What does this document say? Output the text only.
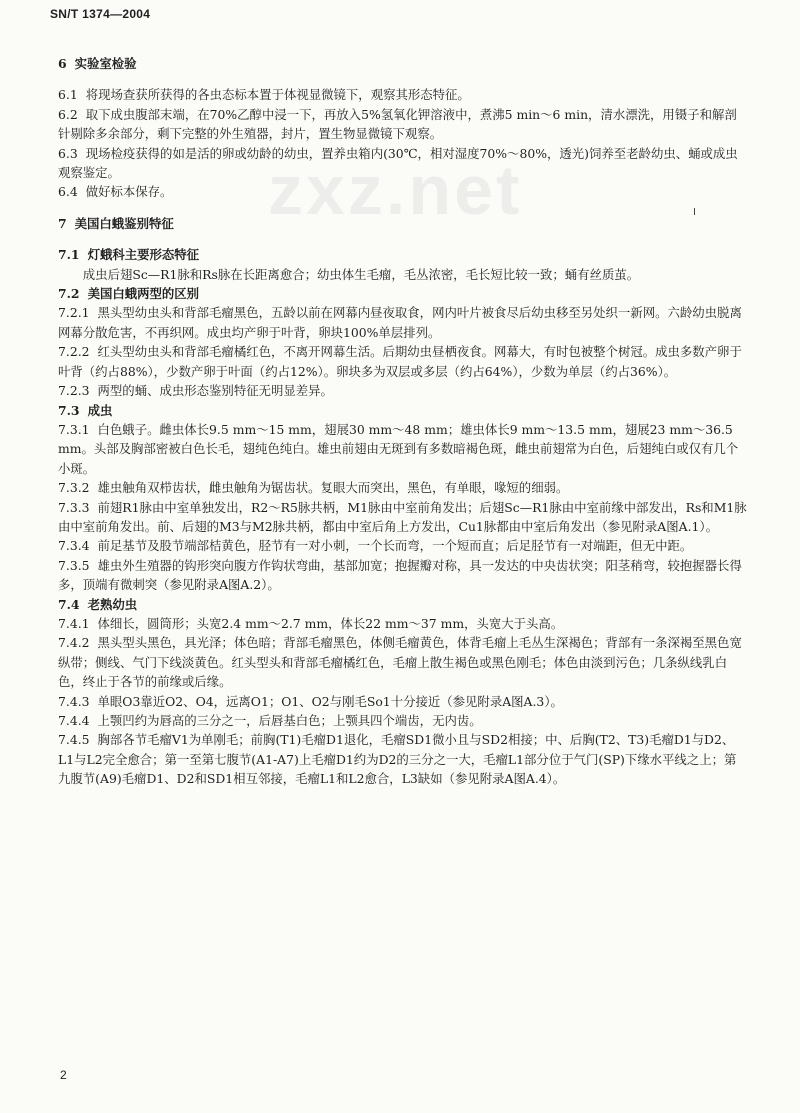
SN/T 1374—2004
zxz.net
6 实验室检验
6.1 将现场查获所获得的各虫态标本置于体视显微镜下，观察其形态特征。
6.2 取下成虫腹部末端，在70%乙醇中浸一下，再放入5%氢氧化钾溶液中，煮沸5 min～6 min，清水漂洗，用镊子和解剖针剔除多余部分，剩下完整的外生殖器，封片，置生物显微镜下观察。
6.3 现场检疫获得的如是活的卵或幼龄的幼虫，置养虫箱内(30℃，相对湿度70%～80%，透光)饲养至老龄幼虫、蛹或成虫观察鉴定。
6.4 做好标本保存。
7 美国白蛾鉴别特征
7.1 灯蛾科主要形态特征
成虫后翅Sc—R1脉和Rs脉在长距离愈合；幼虫体生毛瘤，毛丛浓密，毛长短比较一致；蛹有丝质茧。
7.2 美国白蛾两型的区别
7.2.1 黑头型幼虫头和背部毛瘤黑色，五龄以前在网幕内昼夜取食，网内叶片被食尽后幼虫移至另处织一新网。六龄幼虫脱离网幕分散危害，不再织网。成虫均产卵于叶背，卵块100%单层排列。
7.2.2 红头型幼虫头和背部毛瘤橘红色，不离开网幕生活。后期幼虫昼栖夜食。网幕大，有时包被整个树冠。成虫多数产卵于叶背（约占88%），少数产卵于叶面（约占12%）。卵块多为双层或多层（约占64%），少数为单层（约占36%）。
7.2.3 两型的蛹、成虫形态鉴别特征无明显差异。
7.3 成虫
7.3.1 白色蛾子。雌虫体长9.5 mm～15 mm，翅展30 mm～48 mm；雄虫体长9 mm～13.5 mm，翅展23 mm～36.5 mm。头部及胸部密被白色长毛，翅纯色纯白。雄虫前翅由无斑到有多数暗褐色斑，雌虫前翅常为白色，后翅纯白或仅有几个小斑。
7.3.2 雄虫触角双栉齿状，雌虫触角为锯齿状。复眼大而突出，黑色，有单眼，喙短的细弱。
7.3.3 前翅R1脉由中室单独发出，R2～R5脉共柄，M1脉由中室前角发出；后翅Sc—R1脉由中室前缘中部发出，Rs和M1脉由中室前角发出。前、后翅的M3与M2脉共柄，都由中室后角上方发出，Cu1脉都由中室后角发出（参见附录A图A.1）。
7.3.4 前足基节及股节端部桔黄色，胫节有一对小刺，一个长而弯，一个短而直；后足胫节有一对端距，但无中距。
7.3.5 雄虫外生殖器的钩形突向腹方作钩状弯曲，基部加宽；抱握瓣对称，具一发达的中央齿状突；阳茎稍弯，较抱握器长得多，顶端有微刺突（参见附录A图A.2）。
7.4 老熟幼虫
7.4.1 体细长，圆筒形；头宽2.4 mm～2.7 mm，体长22 mm～37 mm，头宽大于头高。
7.4.2 黑头型头黑色，具光泽；体色暗；背部毛瘤黑色，体侧毛瘤黄色，体背毛瘤上毛丛生深褐色；背部有一条深褐至黑色宽纵带；侧线、气门下线淡黄色。红头型头和背部毛瘤橘红色，毛瘤上散生褐色或黑色刚毛；体色由淡到污色；几条纵线乳白色，终止于各节的前缘或后缘。
7.4.3 单眼O3靠近O2、O4，远离O1；O1、O2与刚毛So1十分接近（参见附录A图A.3）。
7.4.4 上颚凹约为唇高的三分之一，后唇基白色；上颚具四个端齿，无内齿。
7.4.5 胸部各节毛瘤V1为单刚毛；前胸(T1)毛瘤D1退化，毛瘤SD1微小且与SD2相接；中、后胸(T2、T3)毛瘤D1与D2、L1与L2完全愈合；第一至第七腹节(A1-A7)上毛瘤D1约为D2的三分之一大，毛瘤L1部分位于气门(SP)下缘水平线之上；第九腹节(A9)毛瘤D1、D2和SD1相互邻接，毛瘤L1和L2愈合，L3缺如（参见附录A图A.4）。
2
